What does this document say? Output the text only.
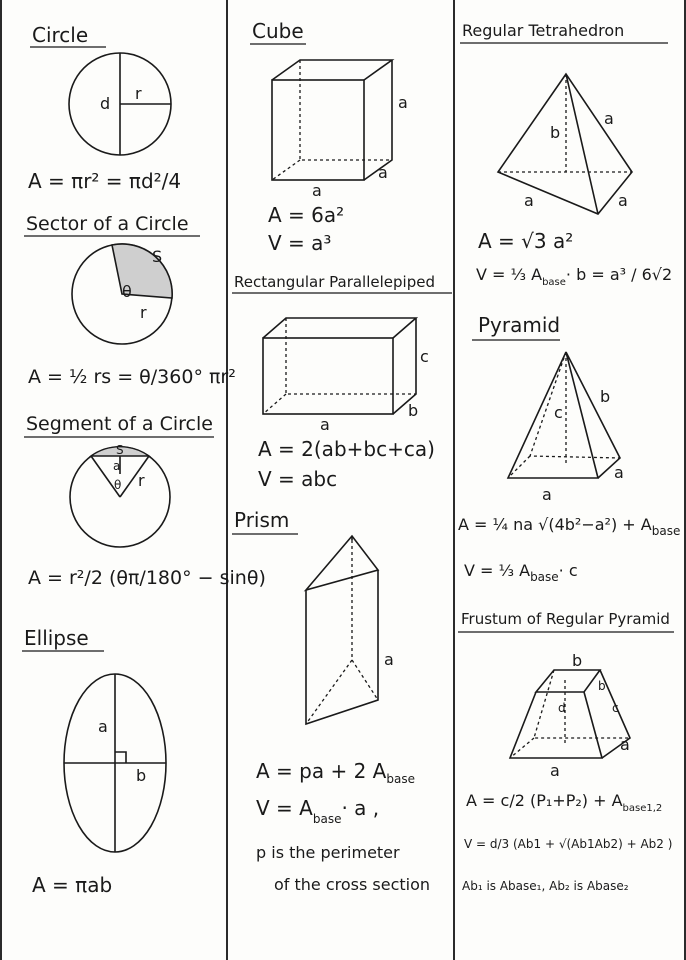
Circle
d
r
A = πr² = πd²/4
Sector of a Circle
S
θ
r
A = ½ rs = θ/360° πr²
Segment of a Circle
S
a
θ r
A = r²/2 (θπ/180° − sinθ)
Ellipse
a
b
A = πab
Cube
a
a
a
A = 6a²
V = a³
Rectangular Parallelepiped
c
a
b
A = 2(ab+bc+ca)
V = abc
Prism
a
A = pa + 2 $A_{base}$
$V = A_{base}\cdot a$ ,
p is the perimeter
of the cross section
Regular Tetrahedron
b
a
a	a
A = √3 a²
V = ⅓ $A_{base}\cdot b = a^3 / 6√2$
Pyramid
c
b
a
a
A = ¼ na $√(4b^2-a^2) + A_{base}$
V = ⅓ $A_{base}\cdot c$
Frustum of Regular Pyramid
b
b
d	c
a
a
A = c/2 $(P_1+P_2) + A_{base1,2}$
V = d/3 (Ab1 + √(Ab1Ab2) + Ab2 )
Ab₁ is Abase₁, Ab₂ is Abase₂
